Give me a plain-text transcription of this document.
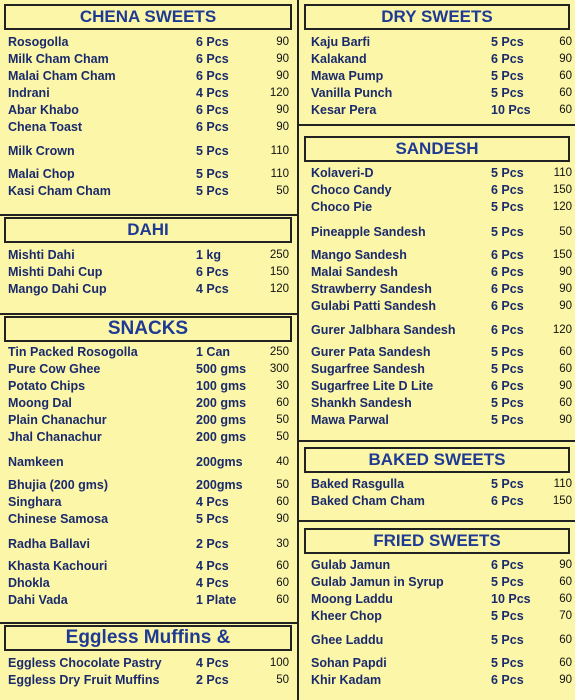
CHENA SWEETS
DAHI
SNACKS
Eggless Muffins &
DRY SWEETS
SANDESH
BAKED SWEETS
FRIED SWEETS
Rosogolla	6 Pcs	90
Milk Cham Cham	6 Pcs	90
Malai Cham Cham	6 Pcs	90
Indrani	4 Pcs	120
Abar Khabo	6 Pcs	90
Chena Toast	6 Pcs	90
Milk Crown	5 Pcs	110
Malai Chop	5 Pcs	110
Kasi Cham Cham	5 Pcs	50
Mishti Dahi	1 kg	250
Mishti Dahi Cup	6 Pcs	150
Mango Dahi Cup	4 Pcs	120
Tin Packed Rosogolla	1 Can	250
Pure Cow Ghee	500 gms 300
Potato Chips	100 gms	30
Moong Dal	200 gms	60
Plain Chanachur	200 gms	50
Jhal Chanachur	200 gms	50
Namkeen	200gms	40
Bhujia (200 gms)	200gms	50
Singhara	4 Pcs	60
Chinese Samosa	5 Pcs	90
Radha Ballavi	2 Pcs	30
Khasta Kachouri	4 Pcs	60
Dhokla	4 Pcs	60
Dahi Vada	1 Plate	60
Eggless Chocolate Pastry	4 Pcs	100
Eggless Dry Fruit Muffins	2 Pcs	50
Kaju Barfi	5 Pcs	60
Kalakand	6 Pcs	90
Mawa Pump	5 Pcs	60
Vanilla Punch	5 Pcs	60
Kesar Pera	10 Pcs 60
Kolaveri-D	5 Pcs	110
Choco Candy	6 Pcs	150
Choco Pie	5 Pcs	120
Pineapple Sandesh	5 Pcs	50
Mango Sandesh	6 Pcs	150
Malai Sandesh	6 Pcs	90
Strawberry Sandesh	6 Pcs	90
Gulabi Patti Sandesh	6 Pcs	90
Gurer Jalbhara Sandesh	6 Pcs	120
Gurer Pata Sandesh	5 Pcs	60
Sugarfree Sandesh	5 Pcs	60
Sugarfree Lite D Lite	6 Pcs	90
Shankh Sandesh	5 Pcs	60
Mawa Parwal	5 Pcs	90
Baked Rasgulla	5 Pcs	110
Baked Cham Cham	6 Pcs	150
Gulab Jamun	6 Pcs	90
Gulab Jamun in Syrup	5 Pcs	60
Moong Laddu	10 Pcs 60
Kheer Chop	5 Pcs	70
Ghee Laddu	5 Pcs	60
Sohan Papdi	5 Pcs	60
Khir Kadam	6 Pcs	90
